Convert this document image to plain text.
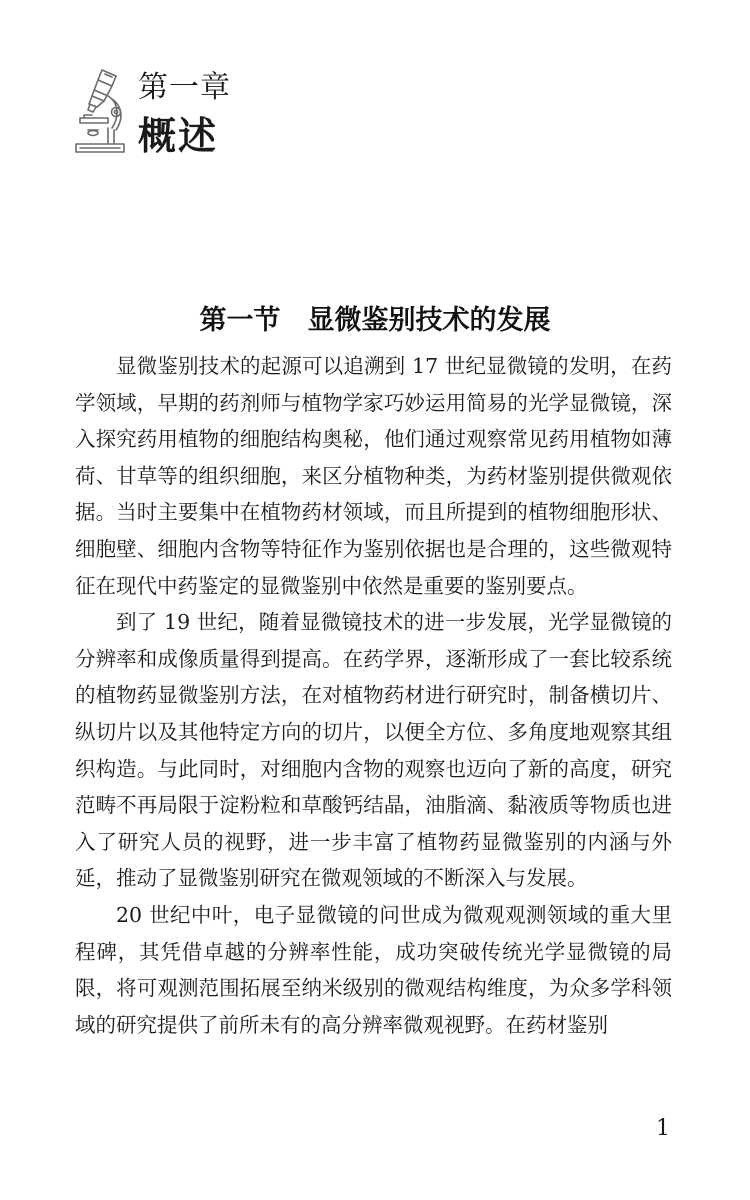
第一章
概述
第一节　显微鉴别技术的发展

显微鉴别技术的起源可以追溯到 17 世纪显微镜的发明，在药学领域，早期的药剂师与植物学家巧妙运用简易的光学显微镜，深入探究药用植物的细胞结构奥秘，他们通过观察常见药用植物如薄荷、甘草等的组织细胞，来区分植物种类，为药材鉴别提供微观依据。当时主要集中在植物药材领域，而且所提到的植物细胞形状、细胞壁、细胞内含物等特征作为鉴别依据也是合理的，这些微观特征在现代中药鉴定的显微鉴别中依然是重要的鉴别要点。

到了 19 世纪，随着显微镜技术的进一步发展，光学显微镜的分辨率和成像质量得到提高。在药学界，逐渐形成了一套比较系统的植物药显微鉴别方法，在对植物药材进行研究时，制备横切片、纵切片以及其他特定方向的切片，以便全方位、多角度地观察其组织构造。与此同时，对细胞内含物的观察也迈向了新的高度，研究范畴不再局限于淀粉粒和草酸钙结晶，油脂滴、黏液质等物质也进入了研究人员的视野，进一步丰富了植物药显微鉴别的内涵与外延，推动了显微鉴别研究在微观领域的不断深入与发展。

20 世纪中叶，电子显微镜的问世成为微观观测领域的重大里程碑，其凭借卓越的分辨率性能，成功突破传统光学显微镜的局限，将可观测范围拓展至纳米级别的微观结构维度，为众多学科领域的研究提供了前所未有的高分辨率微观视野。在药材鉴别

1
